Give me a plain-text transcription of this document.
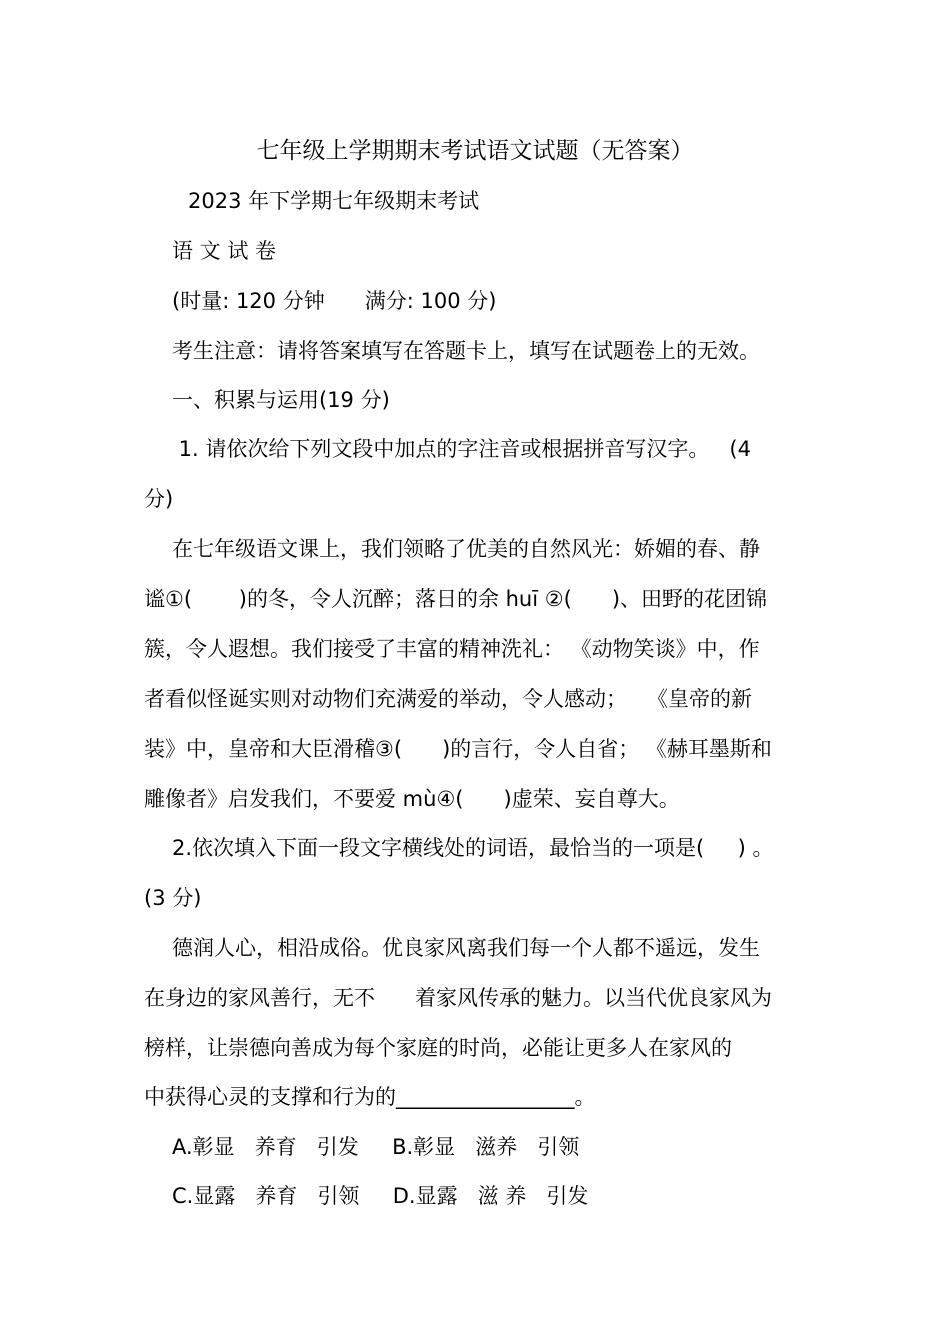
七年级上学期期末考试语文试题（无答案）
2023 年下学期七年级期末考试
语 文 试 卷
(时量: 120 分钟      满分: 100 分)
考生注意：请将答案填写在答题卡上，填写在试题卷上的无效。
一、积累与运用(19 分)
1. 请依次给下列文段中加点的字注音或根据拼音写汉字。   (4
分)
在七年级语文课上，我们领略了优美的自然风光：娇媚的春、静
谧①(       )的冬，令人沉醉；落日的余 huī ②(      )、田野的花团锦
簇，令人遐想。我们接受了丰富的精神洗礼： 《动物笑谈》中，作
者看似怪诞实则对动物们充满爱的举动，令人感动；   《皇帝的新
装》中，皇帝和大臣滑稽③(      )的言行，令人自省； 《赫耳墨斯和
雕像者》启发我们，不要爱 mù④(      )虚荣、妄自尊大。
2.依次填入下面一段文字横线处的词语，最恰当的一项是(     ) 。
(3 分)
德润人心，相沿成俗。优良家风离我们每一个人都不遥远，发生
在身边的家风善行，无不      着家风传承的魅力。以当代优良家风为
榜样，让崇德向善成为每个家庭的时尚，必能让更多人在家风的
中获得心灵的支撑和行为的_________________。
A.彰显   养育   引发     B.彰显   滋养   引领
C.显露   养育   引领     D.显露   滋 养   引发
